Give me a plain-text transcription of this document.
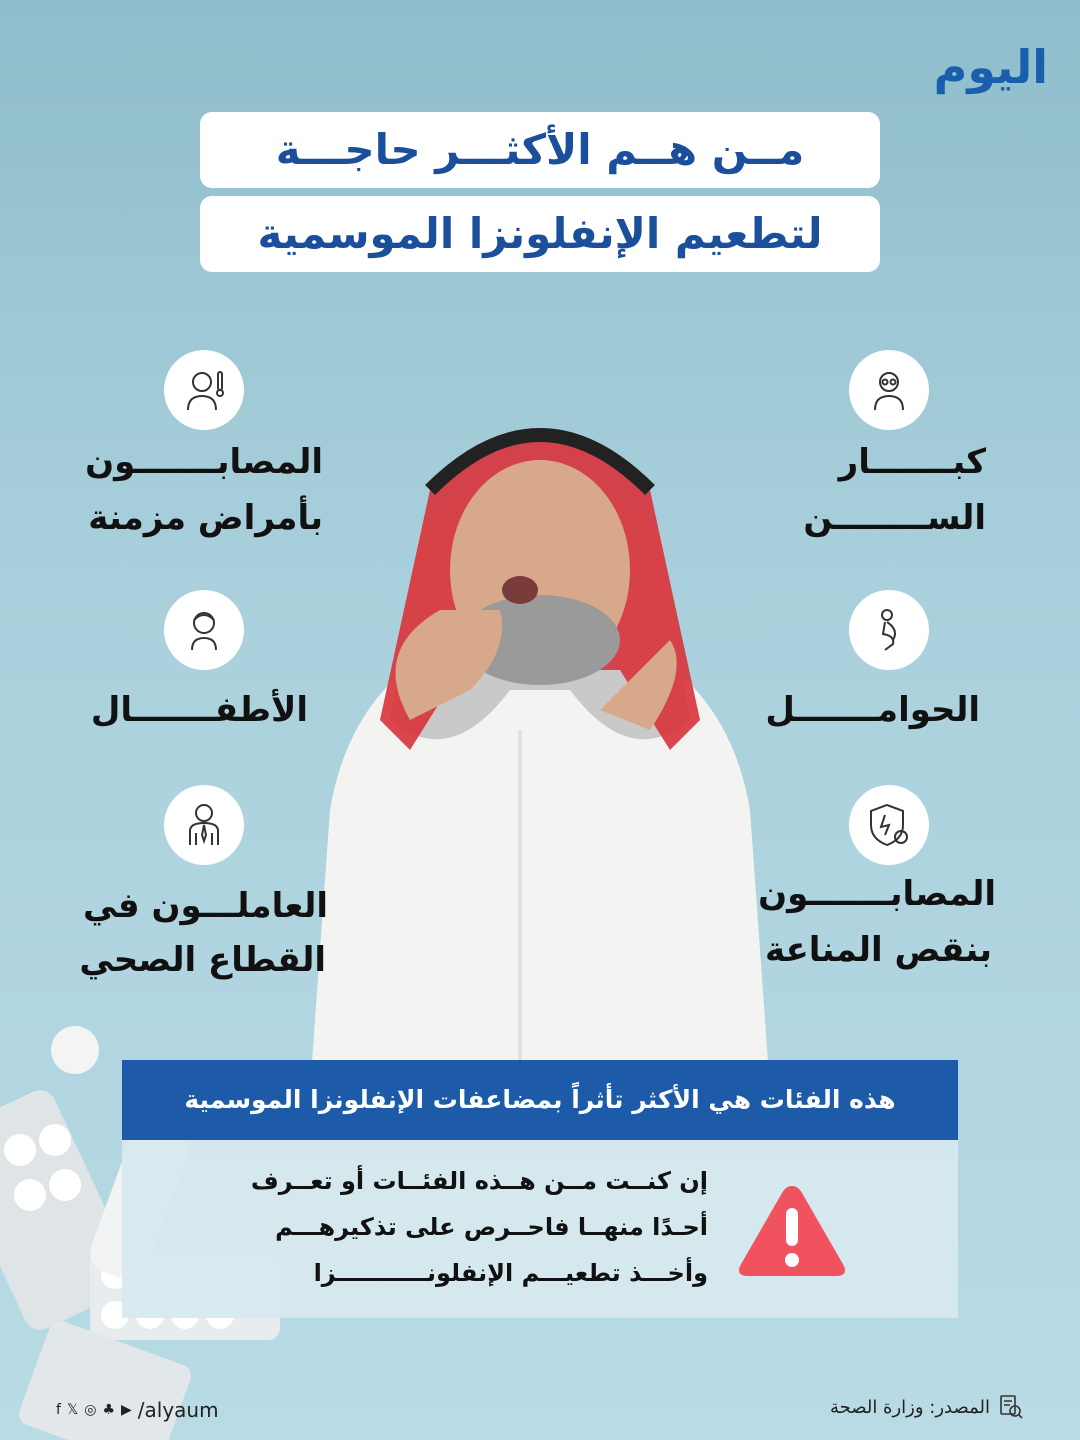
اليوم
مــن هــم الأكثـــر حاجـــة
لتطعيم الإنفلونزا الموسمية
كبـــــــار
الســــــــن
الحوامـــــــل
المصابـــــــون
بنقص المناعة
المصابـــــــون
بأمراض مزمنة
الأطفـــــــال
العاملـــون في
القطاع الصحي
هذه الفئات هي الأكثر تأثراً بمضاعفات الإنفلونزا الموسمية
إن كنــت مــن هــذه الفئــات أو تعــرف
أحـدًا منهــا فاحــرص على تذكيرهـــم
وأخـــذ تطعيـــم الإنفلونـــــــــــزا
المصدر: وزارة الصحة
f 𝕏 ◎ ♣ ▶ /alyaum
